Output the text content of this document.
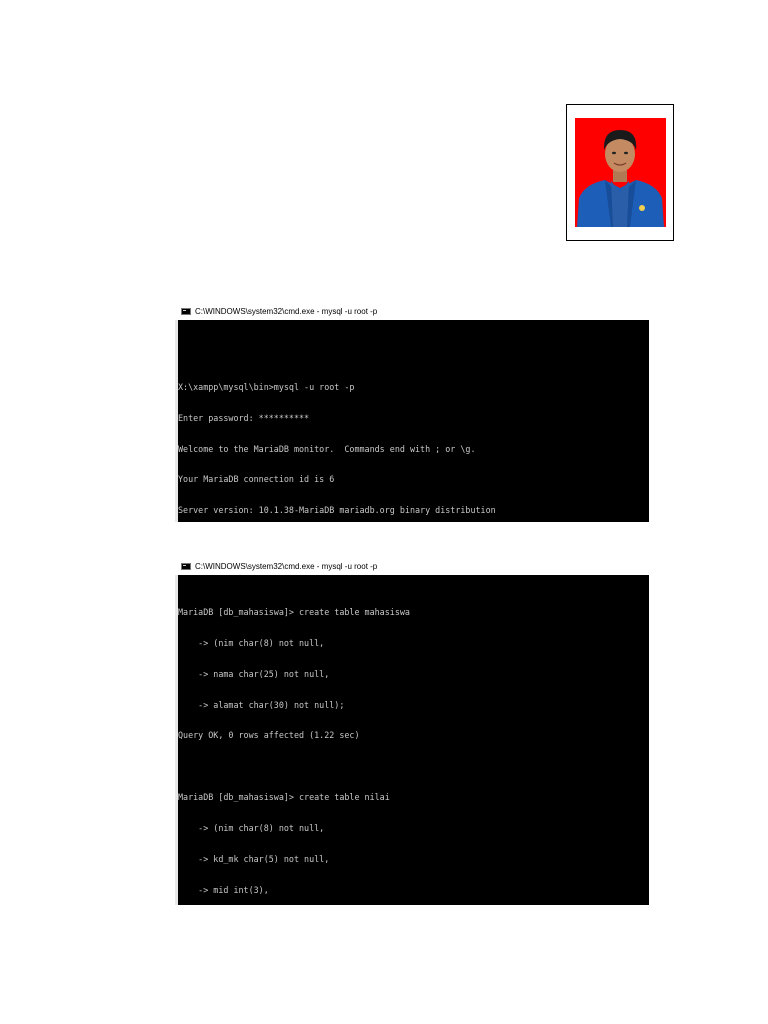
C:\WINDOWS\system32\cmd.exe - mysql -u root -p

X:\xampp\mysql\bin>mysql -u root -p

Enter password: **********

Welcome to the MariaDB monitor.  Commands end with ; or \g.

Your MariaDB connection id is 6

Server version: 10.1.38-MariaDB mariadb.org binary distribution

C:\WINDOWS\system32\cmd.exe - mysql -u root -p

MariaDB [db_mahasiswa]> create table mahasiswa

-> (nim char(8) not null,

-> nama char(25) not null,

-> alamat char(30) not null);

Query OK, 0 rows affected (1.22 sec)

MariaDB [db_mahasiswa]> create table nilai

-> (nim char(8) not null,

-> kd_mk char(5) not null,

-> mid int(3),
